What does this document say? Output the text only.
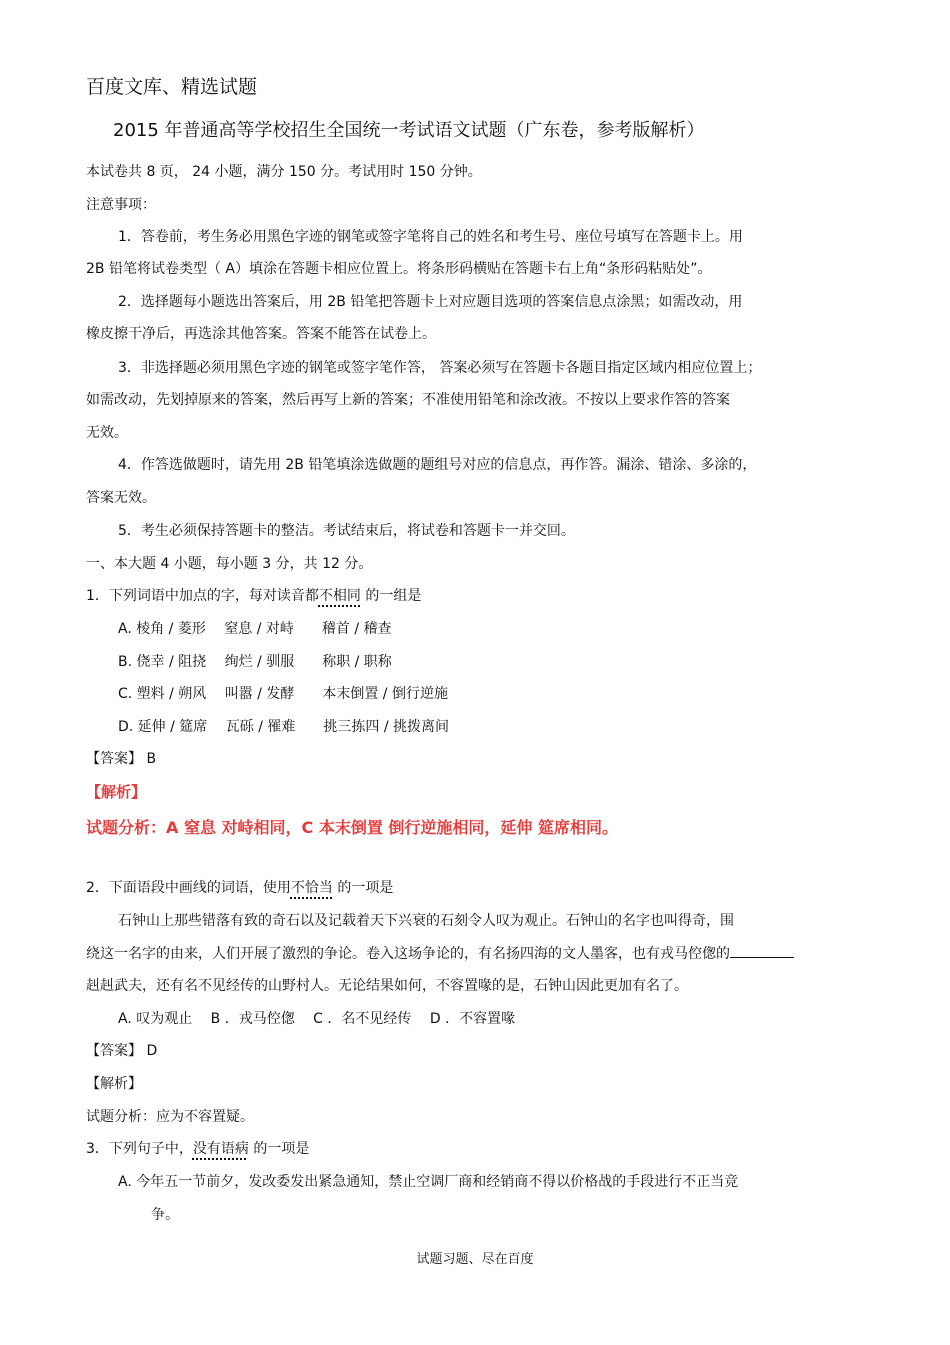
百度文库、精选试题
2015 年普通高等学校招生全国统一考试语文试题（广东卷，参考版解析）
本试卷共 8 页， 24 小题，满分 150 分。考试用时 150 分钟。
注意事项：
1．答卷前，考生务必用黑色字迹的钢笔或签字笔将自己的姓名和考生号、座位号填写在答题卡上。用
2B 铅笔将试卷类型（ A）填涂在答题卡相应位置上。将条形码横贴在答题卡右上角“条形码粘贴处”。
2．选择题每小题选出答案后，用 2B 铅笔把答题卡上对应题目选项的答案信息点涂黑；如需改动，用
橡皮擦干净后，再选涂其他答案。答案不能答在试卷上。
3．非选择题必须用黑色字迹的钢笔或签字笔作答， 答案必须写在答题卡各题目指定区域内相应位置上；
如需改动，先划掉原来的答案，然后再写上新的答案；不准使用铅笔和涂改液。不按以上要求作答的答案
无效。
4．作答选做题时，请先用 2B 铅笔填涂选做题的题组号对应的信息点，再作答。漏涂、错涂、多涂的，
答案无效。
5．考生必须保持答题卡的整洁。考试结束后，将试卷和答题卡一并交回。
一、本大题 4 小题，每小题 3 分，共 12 分。
1．下列词语中加点的字，每对读音都不相同 的一组是
A. 棱角 / 菱形　 窒息 / 对峙　　稽首 / 稽查
B. 侥幸 / 阻挠　 绚烂 / 驯服　　称职 / 职称
C. 塑料 / 朔风　 叫嚣 / 发酵　　本末倒置 / 倒行逆施
D. 延伸 / 筵席　 瓦砾 / 罹难　　挑三拣四 / 挑拨离间
【答案】 B
【解析】
试题分析：A 窒息 对峙相同，C 本末倒置 倒行逆施相同，延伸 筵席相同。
2．下面语段中画线的词语，使用不恰当 的一项是
石钟山上那些错落有致的奇石以及记载着天下兴衰的石刻令人叹为观止。石钟山的名字也叫得奇，围
绕这一名字的由来，人们开展了激烈的争论。卷入这场争论的，有名扬四海的文人墨客，也有戎马倥偬的
赳赳武夫，还有名不见经传的山野村人。无论结果如何，不容置喙的是，石钟山因此更加有名了。
A. 叹为观止　 B ．戎马倥偬　 C ．名不见经传　 D ．不容置喙
【答案】 D
【解析】
试题分析：应为不容置疑。
3．下列句子中，没有语病 的一项是
A. 今年五一节前夕，发改委发出紧急通知，禁止空调厂商和经销商不得以价格战的手段进行不正当竞
争。
试题习题、尽在百度
